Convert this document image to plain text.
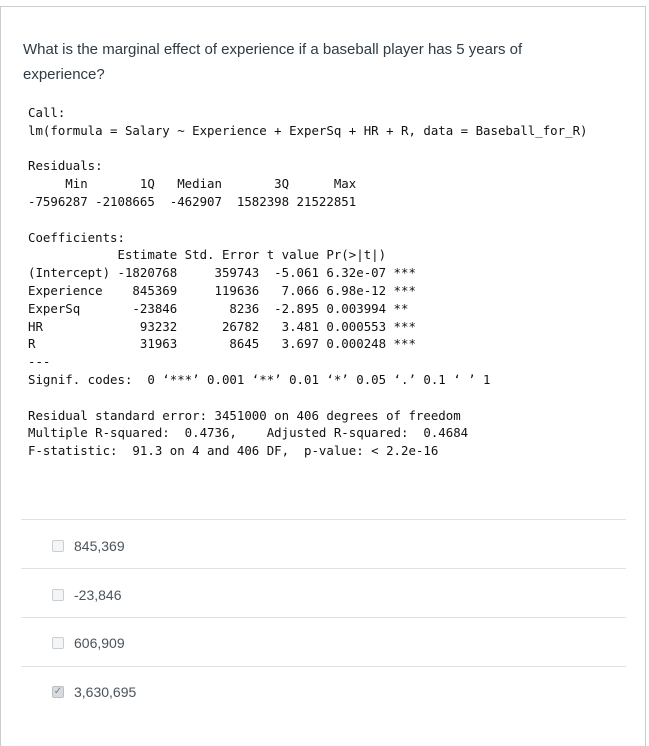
What is the marginal effect of experience if a baseball player has 5 years of experience?
Call:
lm(formula = Salary ~ Experience + ExperSq + HR + R, data = Baseball_for_R)

Residuals:
Min       1Q   Median       3Q      Max
-7596287 -2108665  -462907  1582398 21522851

Coefficients:
Estimate Std. Error t value Pr(>|t|)
(Intercept) -1820768     359743  -5.061 6.32e-07 ***
Experience    845369     119636   7.066 6.98e-12 ***
ExperSq       -23846       8236  -2.895 0.003994 **
HR             93232      26782   3.481 0.000553 ***
R              31963       8645   3.697 0.000248 ***
---
Signif. codes:  0 ‘***’ 0.001 ‘**’ 0.01 ‘*’ 0.05 ‘.’ 0.1 ‘ ’ 1

Residual standard error: 3451000 on 406 degrees of freedom
Multiple R-squared:  0.4736,    Adjusted R-squared:  0.4684
F-statistic:  91.3 on 4 and 406 DF,  p-value: < 2.2e-16
845,369
-23,846
606,909
✓ 3,630,695
